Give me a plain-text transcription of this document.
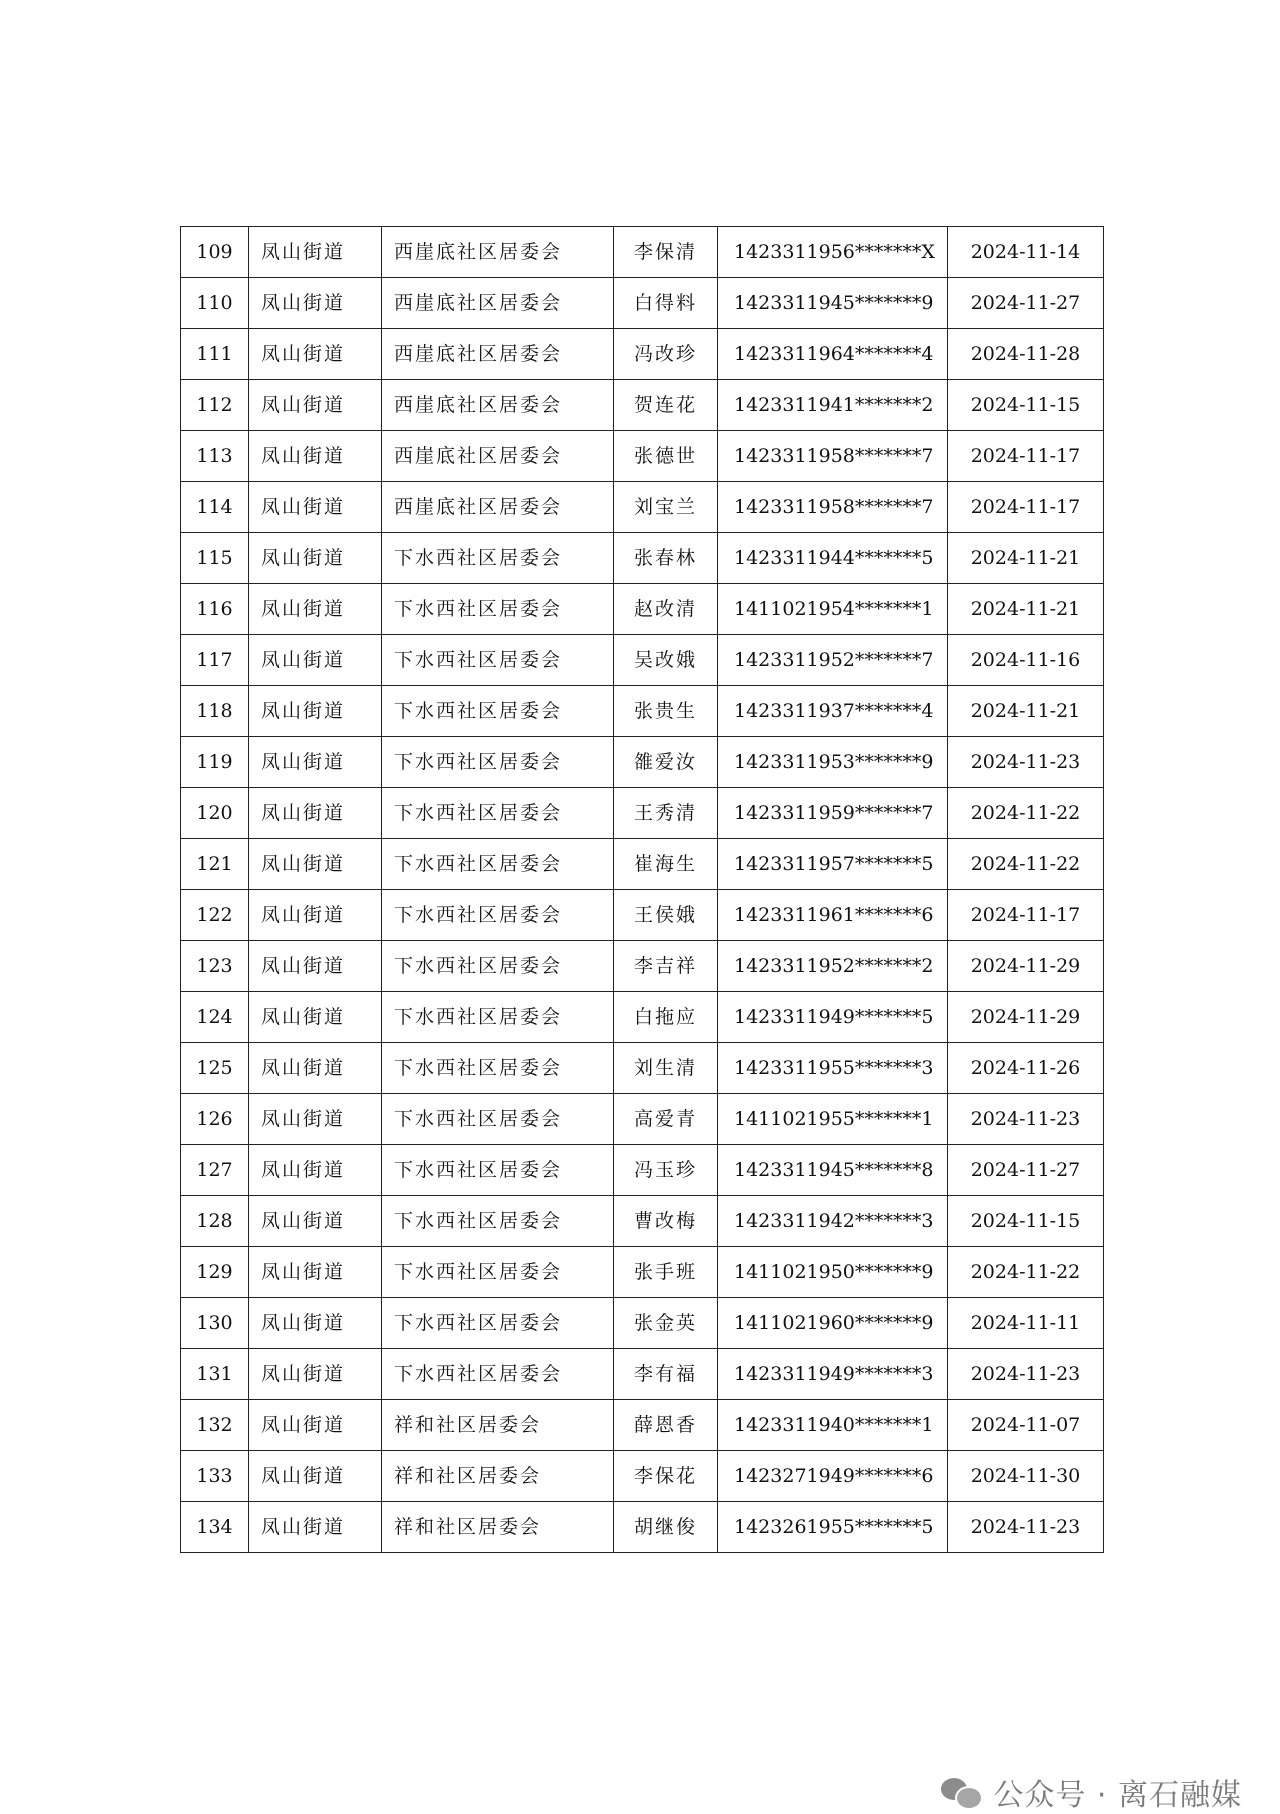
109	凤山街道	西崖底社区居委会	李保清	1423311956*******X	2024-11-14
110	凤山街道	西崖底社区居委会	白得料	1423311945*******9	2024-11-27
111	凤山街道	西崖底社区居委会	冯改珍	1423311964*******4	2024-11-28
112	凤山街道	西崖底社区居委会	贺连花	1423311941*******2	2024-11-15
113	凤山街道	西崖底社区居委会	张德世	1423311958*******7	2024-11-17
114	凤山街道	西崖底社区居委会	刘宝兰	1423311958*******7	2024-11-17
115	凤山街道	下水西社区居委会	张春林	1423311944*******5	2024-11-21
116	凤山街道	下水西社区居委会	赵改清	1411021954*******1	2024-11-21
117	凤山街道	下水西社区居委会	吴改娥	1423311952*******7	2024-11-16
118	凤山街道	下水西社区居委会	张贵生	1423311937*******4	2024-11-21
119	凤山街道	下水西社区居委会	雒爱汝	1423311953*******9	2024-11-23
120	凤山街道	下水西社区居委会	王秀清	1423311959*******7	2024-11-22
121	凤山街道	下水西社区居委会	崔海生	1423311957*******5	2024-11-22
122	凤山街道	下水西社区居委会	王侯娥	1423311961*******6	2024-11-17
123	凤山街道	下水西社区居委会	李吉祥	1423311952*******2	2024-11-29
124	凤山街道	下水西社区居委会	白拖应	1423311949*******5	2024-11-29
125	凤山街道	下水西社区居委会	刘生清	1423311955*******3	2024-11-26
126	凤山街道	下水西社区居委会	高爱青	1411021955*******1	2024-11-23
127	凤山街道	下水西社区居委会	冯玉珍	1423311945*******8	2024-11-27
128	凤山街道	下水西社区居委会	曹改梅	1423311942*******3	2024-11-15
129	凤山街道	下水西社区居委会	张手班	1411021950*******9	2024-11-22
130	凤山街道	下水西社区居委会	张金英	1411021960*******9	2024-11-11
131	凤山街道	下水西社区居委会	李有福	1423311949*******3	2024-11-23
132	凤山街道	祥和社区居委会	薛恩香	1423311940*******1	2024-11-07
133	凤山街道	祥和社区居委会	李保花	1423271949*******6	2024-11-30
134	凤山街道	祥和社区居委会	胡继俊	1423261955*******5	2024-11-23
公众号 · 离石融媒
